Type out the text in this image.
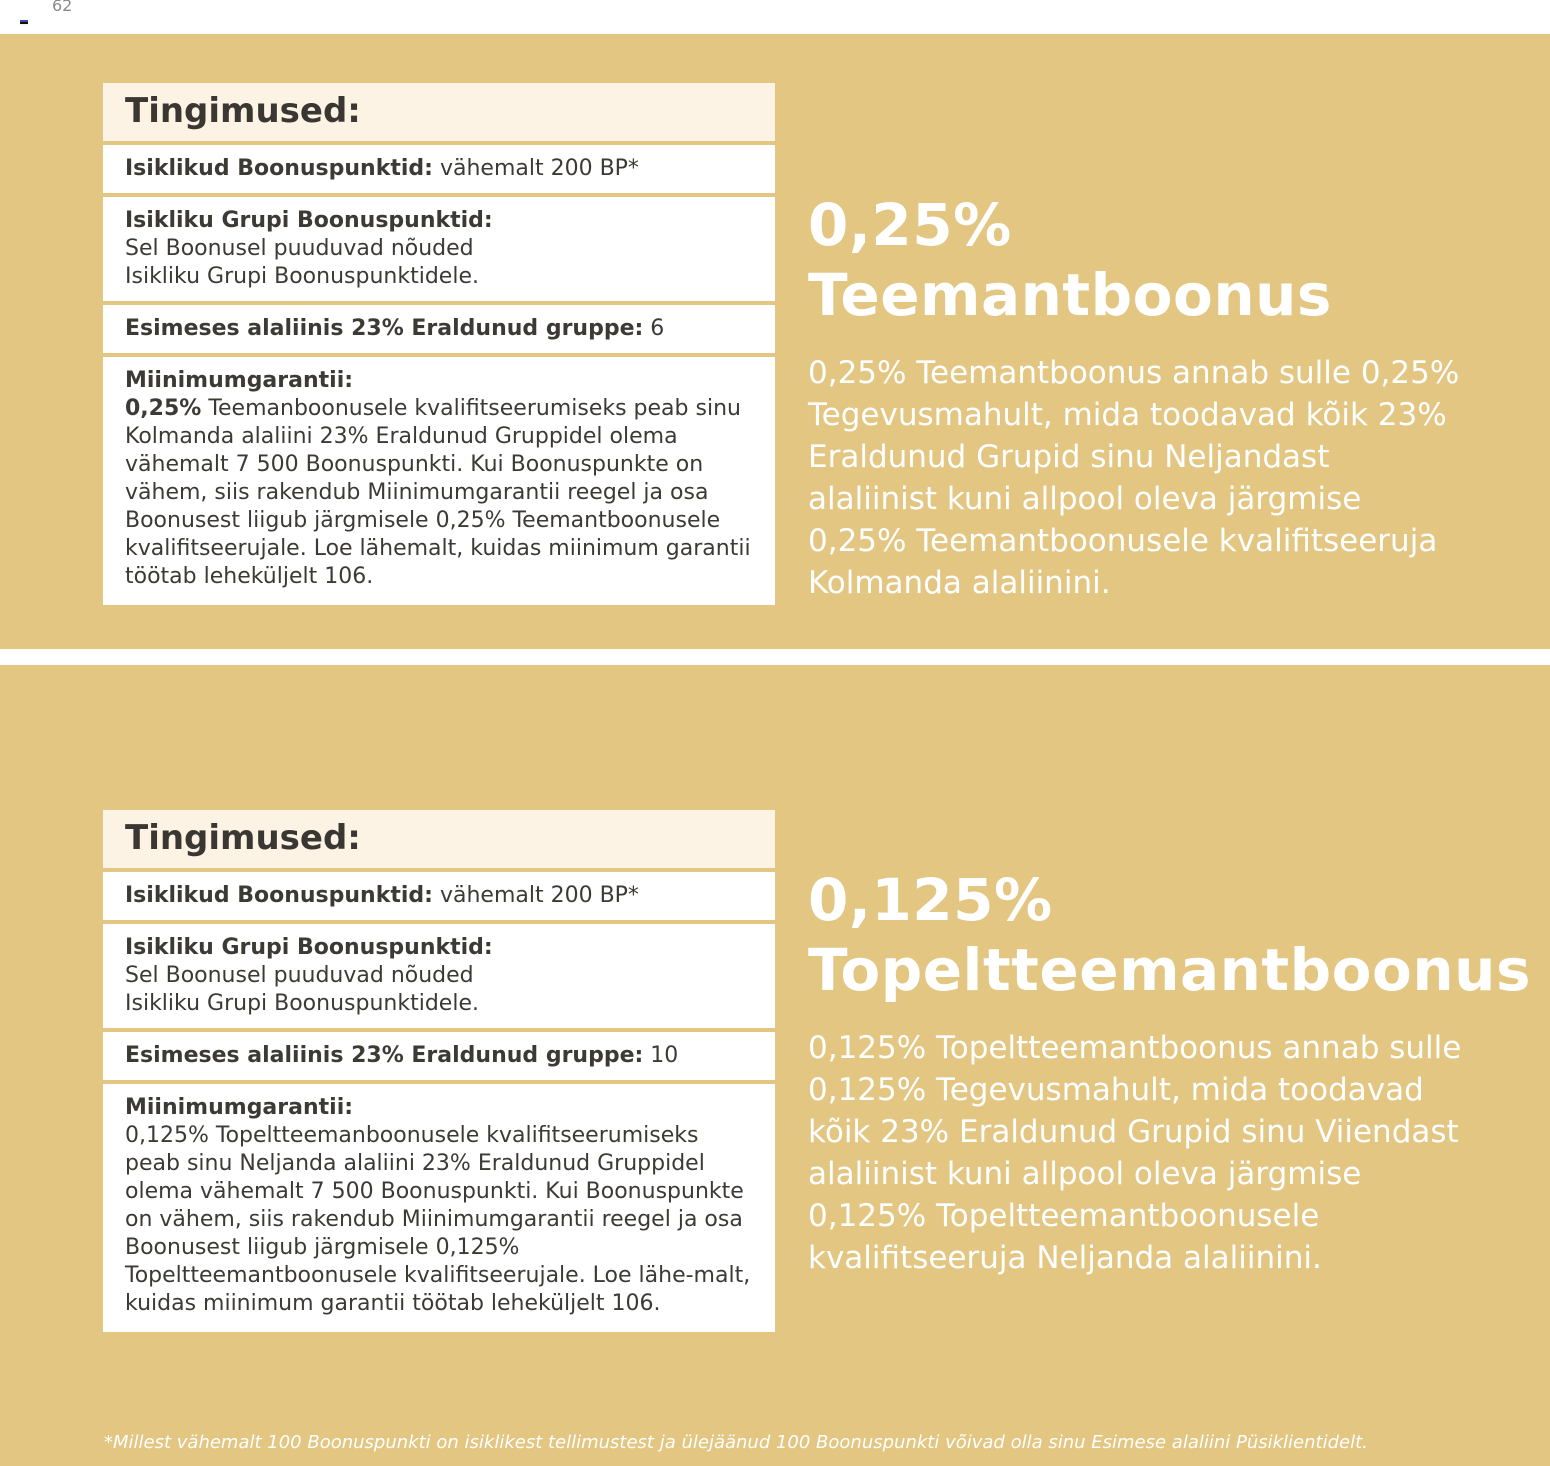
62
Tingimused:
Isiklikud Boonuspunktid: vähemalt 200 BP*
Isikliku Grupi Boonuspunktid:
Sel Boonusel puuduvad nõuded
Isikliku Grupi Boonuspunktidele.
Esimeses alaliinis 23% Eraldunud gruppe: 6
Miinimumgarantii:
0,25% Teemanboonusele kvalifitseerumiseks peab sinu Kolmanda alaliini 23% Eraldunud Gruppidel olema vähemalt 7 500 Boonuspunkti. Kui Boonuspunkte on vähem, siis rakendub Miinimumgarantii reegel ja osa Boonusest liigub järgmisele 0,25% Teemantboonusele kvalifitseerujale. Loe lähemalt, kuidas miinimum garantii töötab leheküljelt 106.
0,25% Teemantboonus

0,25% Teemantboonus annab sulle 0,25% Tegevusmahult, mida toodavad kõik 23% Eraldunud Grupid sinu Neljandast alaliinist kuni allpool oleva järgmise 0,25% Teemantboonusele kvalifitseeruja Kolmanda alaliinini.

Tingimused:
Isiklikud Boonuspunktid: vähemalt 200 BP*
Isikliku Grupi Boonuspunktid:
Sel Boonusel puuduvad nõuded
Isikliku Grupi Boonuspunktidele.
Esimeses alaliinis 23% Eraldunud gruppe: 10
Miinimumgarantii:
0,125% Topeltteemanboonusele kvalifitseerumiseks peab sinu Neljanda alaliini 23% Eraldunud Gruppidel olema vähemalt 7 500 Boonuspunkti. Kui Boonuspunkte on vähem, siis rakendub Miinimumgarantii reegel ja osa Boonusest liigub järgmisele 0,125% Topeltteemantboonusele kvalifitseerujale. Loe lähe-malt, kuidas miinimum garantii töötab leheküljelt 106.
0,125%
Topeltteemantboonus

0,125% Topeltteemantboonus annab sulle 0,125% Tegevusmahult, mida toodavad kõik 23% Eraldunud Grupid sinu Viiendast alaliinist kuni allpool oleva järgmise 0,125% Topeltteemantboonusele kvalifitseeruja Neljanda alaliinini.

*Millest vähemalt 100 Boonuspunkti on isiklikest tellimustest ja ülejäänud 100 Boonuspunkti võivad olla sinu Esimese alaliini Püsiklientidelt.
